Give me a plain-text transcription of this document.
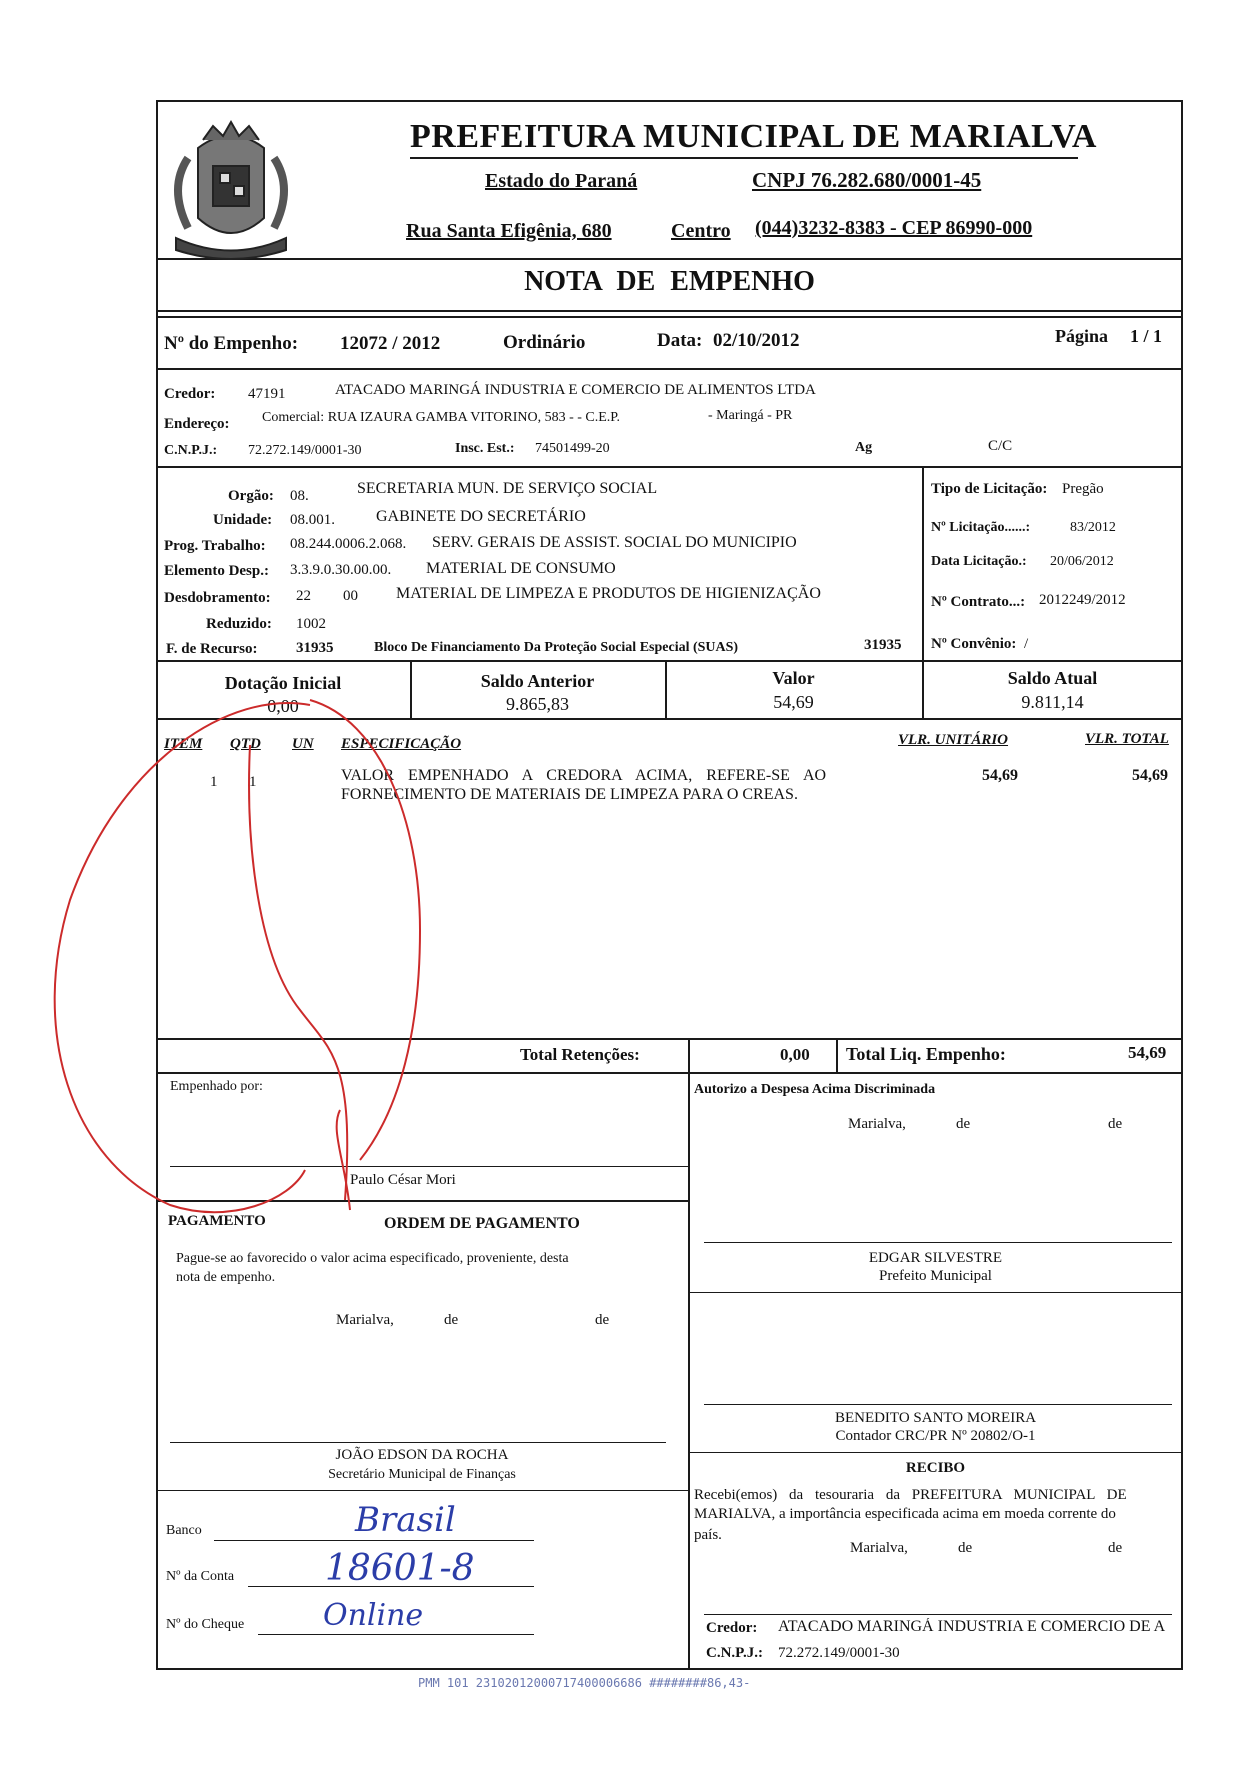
PREFEITURA MUNICIPAL DE MARIALVA
Estado do Paraná	CNPJ 76.282.680/0001-45
Rua Santa Efigênia, 680	Centro (044)3232-8383 - CEP 86990-000
NOTA DE EMPENHO
Nº do Empenho: 12072 / 2012	Ordinário	Data: 02/10/2012	Página 1 / 1
Credor: 47191	ATACADO MARINGÁ INDUSTRIA E COMERCIO DE ALIMENTOS LTDA
Endereço: Comercial: RUA IZAURA GAMBA VITORINO, 583 - - C.E.P.	- Maringá - PR
C.N.P.J.: 72.272.149/0001-30	Insc. Est.: 74501499-20	Ag	C/C
Orgão: 08.	SECRETARIA MUN. DE SERVIÇO SOCIAL
Unidade: 08.001.	GABINETE DO SECRETÁRIO
Prog. Trabalho: 08.244.0006.2.068. SERV. GERAIS DE ASSIST. SOCIAL DO MUNICIPIO
Elemento Desp.: 3.3.9.0.30.00.00. MATERIAL DE CONSUMO
Desdobramento: 22 00 MATERIAL DE LIMPEZA E PRODUTOS DE HIGIENIZAÇÃO
Reduzido: 1002
F. de Recurso:	31935	Bloco De Financiamento Da Proteção Social Especial (SUAS)	31935
Tipo de Licitação: Pregão
Nº Licitação......:	83/2012
Data Licitação.: 20/06/2012
Nº Contrato...: 2012249/2012
Nº Convênio: /
Dotação Inicial
0,00
Saldo Anterior
9.865,83
Valor
54,69
Saldo Atual
9.811,14
ITEM QTD UN ESPECIFICAÇÃO	VLR. UNITÁRIO	VLR. TOTAL
1 1	VALOR EMPENHADO A CREDORA ACIMA, REFERE-SE AO
FORNECIMENTO DE MATERIAIS DE LIMPEZA PARA O CREAS.
54,69	54,69
Total Retenções:	0,00 Total Liq. Empenho:	54,69
Empenhado por:
Paulo César Mori
PAGAMENTO	ORDEM DE PAGAMENTO
Pague-se ao favorecido o valor acima especificado, proveniente, desta
nota de empenho.
Marialva,	de	de
JOÃO EDSON DA ROCHA
Secretário Municipal de Finanças
Banco	Brasil
Nº da Conta	18601-8
Nº do Cheque	Online
Autorizo a Despesa Acima Discriminada
Marialva,	de	de
EDGAR SILVESTRE
Prefeito Municipal
BENEDITO SANTO MOREIRA
Contador CRC/PR Nº 20802/O-1
RECIBO
Recebi(emos) da tesouraria da PREFEITURA MUNICIPAL DE
MARIALVA, a importância especificada acima em moeda corrente do
país.
Marialva,	de	de
Credor: ATACADO MARINGÁ INDUSTRIA E COMERCIO DE A
C.N.P.J.: 72.272.149/0001-30
PMM 101 23102012000717400006686 ########86,43-
